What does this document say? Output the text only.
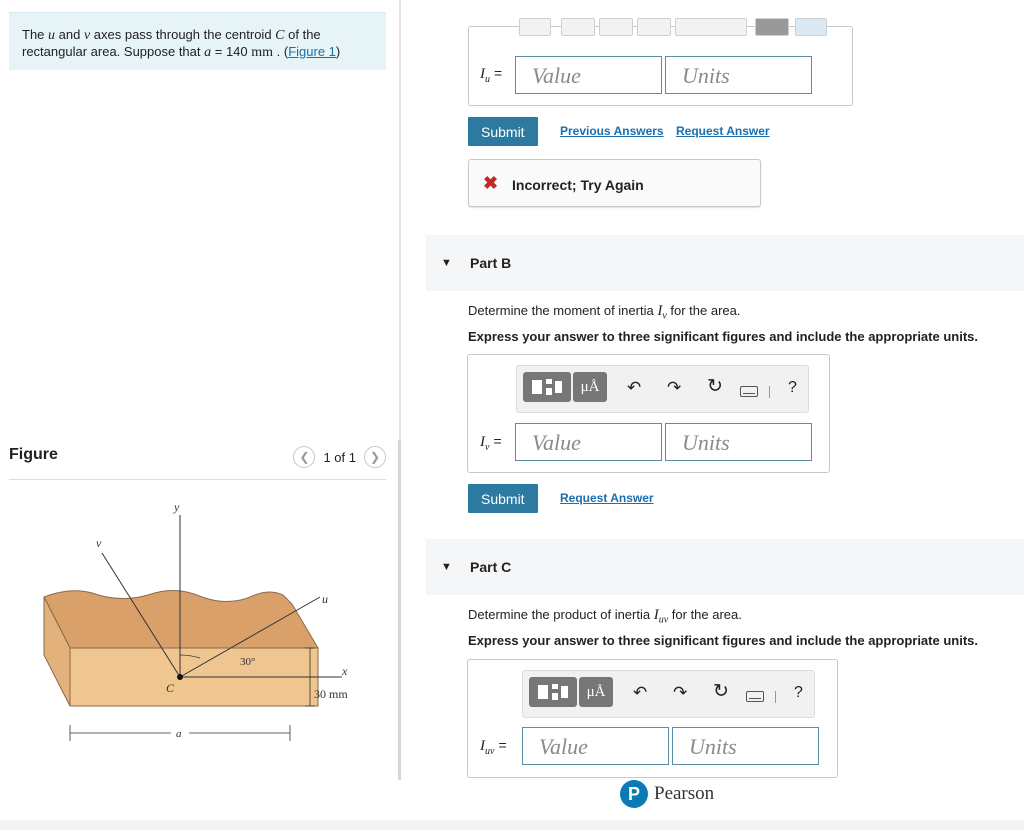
The u and v axes pass through the centroid C of the rectangular area. Suppose that a = 140 mm . (Figure 1)
Figure	❮ 1 of 1 ❯
y
v
u
x
C
30°
30 mm
a
$I_u$ =	Value	Units
Submit	Previous Answers Request Answer
✖ Incorrect; Try Again
▼ Part B
Determine the moment of inertia $I_v$ for the area.
Express your answer to three significant figures and include the appropriate units.
μÅ	↶ ↷ ↻	?
$I_v$ =	Value	Units
Submit	Request Answer
▼ Part C
Determine the product of inertia $I_{uv}$ for the area.
Express your answer to three significant figures and include the appropriate units.
μÅ	↶ ↷ ↻	?
$I_{uv}$ =	Value	Units
P Pearson
